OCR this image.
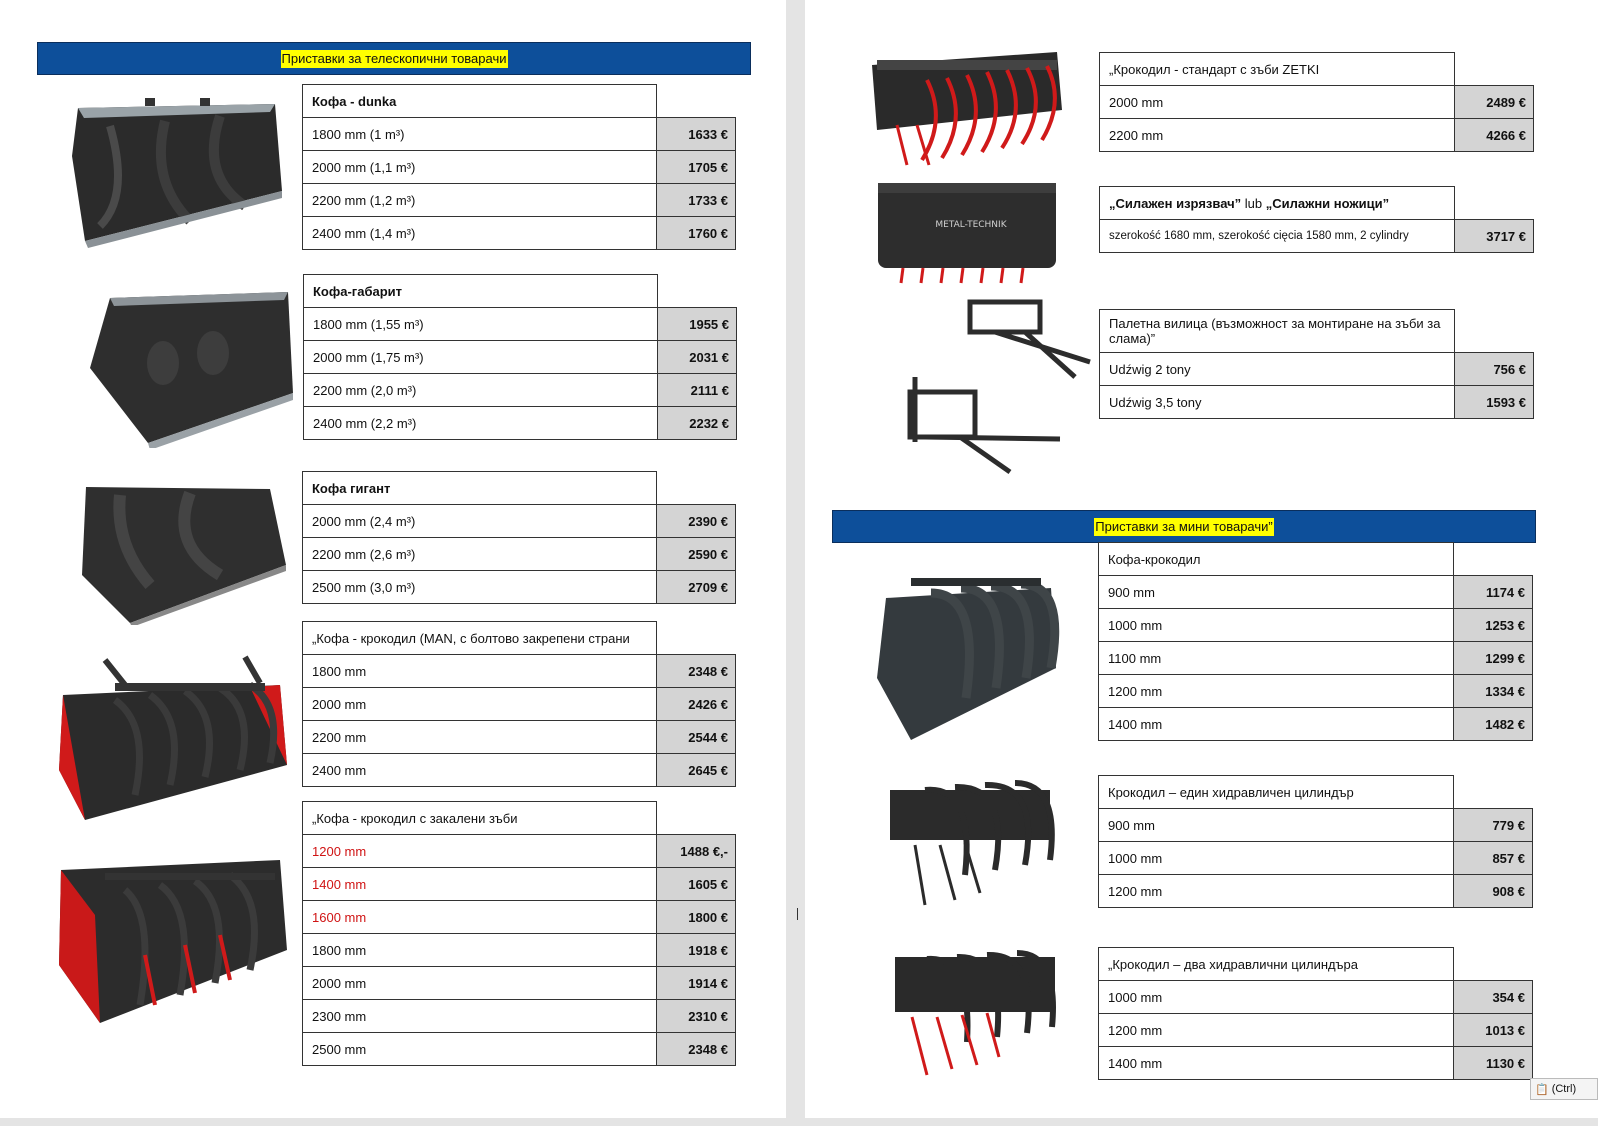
Приставки за телескопични товарачи
Кофа - dunka
1800 mm (1 m³)	1633 €
2000 mm (1,1 m³)	1705 €
2200 mm (1,2 m³)	1733 €
2400 mm (1,4 m³)	1760 €
Кофа-габарит
1800 mm (1,55 m³)	1955 €
2000 mm (1,75 m³)	2031 €
2200 mm (2,0 m³)	2111 €
2400 mm (2,2 m³)	2232 €
Кофа гигант
2000 mm (2,4 m³)	2390 €
2200 mm (2,6 m³)	2590 €
2500 mm (3,0 m³)	2709 €
„Кофа - крокодил (MAN, с болтово закрепени страни
1800 mm	2348 €
2000 mm	2426 €
2200 mm	2544 €
2400 mm	2645 €
„Кофа - крокодил с закалени зъби
1200 mm	1488 €,-
1400 mm	1605 €
1600 mm	1800 €
1800 mm	1918 €
2000 mm	1914 €
2300 mm	2310 €
2500 mm	2348 €
METAL-TECHNIK
„Крокодил - стандарт с зъби ZETKI
2000 mm	2489 €
2200 mm	4266 €
„Силажен изрязвач” lub „Силажни ножици”
szerokość 1680 mm, szerokość cięcia 1580 mm, 2 cylindry	3717 €
Палетна вилица (възможност за монтиране на зъби за слама)”
Udźwig 2 tony	756 €
Udźwig 3,5 tony	1593 €
Приставки за мини товарачи”
Кофа-крокодил
900 mm	1174 €
1000 mm	1253 €
1100 mm	1299 €
1200 mm	1334 €
1400 mm	1482 €
Крокодил – един хидравличен цилиндър
900 mm	779 €
1000 mm	857 €
1200 mm	908 €
„Крокодил – два хидравлични цилиндъра
1000 mm	354 €
1200 mm	1013 €
1400 mm	1130 €
📋 (Ctrl)
